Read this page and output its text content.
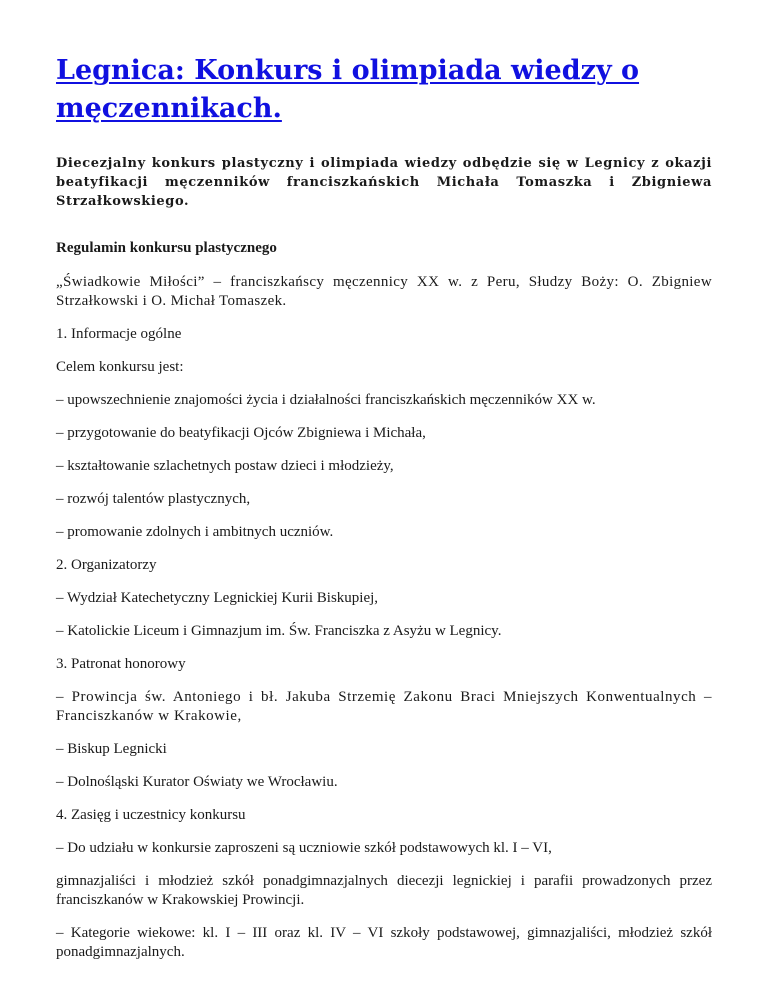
Legnica: Konkurs i olimpiada wiedzy o męczennikach.

Diecezjalny konkurs plastyczny i olimpiada wiedzy odbędzie się w Legnicy z okazji beatyfikacji męczenników franciszkańskich Michała Tomaszka i Zbigniewa Strzałkowskiego.

Regulamin konkursu plastycznego

„Świadkowie Miłości” – franciszkańscy męczennicy XX w. z Peru, Słudzy Boży: O. Zbigniew Strzałkowski i O. Michał Tomaszek.

1. Informacje ogólne

Celem konkursu jest:

– upowszechnienie znajomości życia i działalności franciszkańskich męczenników XX w.

– przygotowanie do beatyfikacji Ojców Zbigniewa i Michała,

– kształtowanie szlachetnych postaw dzieci i młodzieży,

– rozwój talentów plastycznych,

– promowanie zdolnych i ambitnych uczniów.

2. Organizatorzy

– Wydział Katechetyczny Legnickiej Kurii Biskupiej,

– Katolickie Liceum i Gimnazjum im. Św. Franciszka z Asyżu w Legnicy.

3. Patronat honorowy

– Prowincja św. Antoniego i bł. Jakuba Strzemię Zakonu Braci Mniejszych Konwentualnych – Franciszkanów w Krakowie,

– Biskup Legnicki

– Dolnośląski Kurator Oświaty we Wrocławiu.

4. Zasięg i uczestnicy konkursu

– Do udziału w konkursie zaproszeni są uczniowie szkół podstawowych kl. I – VI,

gimnazjaliści i młodzież szkół ponadgimnazjalnych diecezji legnickiej i parafii prowadzonych przez franciszkanów w Krakowskiej Prowincji.

– Kategorie wiekowe: kl. I – III oraz kl. IV – VI szkoły podstawowej, gimnazjaliści, młodzież szkół ponadgimnazjalnych.
